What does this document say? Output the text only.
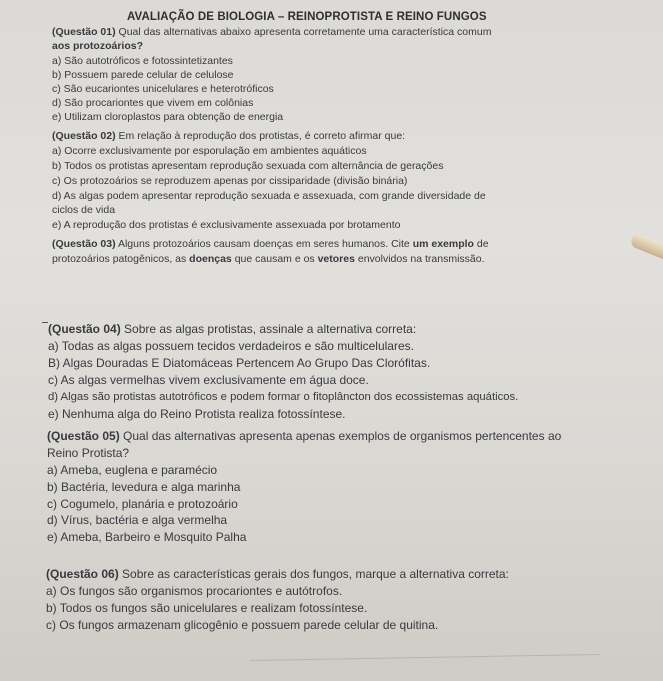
AVALIAÇÃO DE BIOLOGIA – REINOPROTISTA E REINO FUNGOS
(Questão 01) Qual das alternativas abaixo apresenta corretamente uma característica comum
aos protozoários?
a) São autotróficos e fotossintetizantes
b) Possuem parede celular de celulose
c) São eucariontes unicelulares e heterotróficos
d) São procariontes que vivem em colônias
e) Utilizam cloroplastos para obtenção de energia
(Questão 02) Em relação à reprodução dos protistas, é correto afirmar que:
a) Ocorre exclusivamente por esporulação em ambientes aquáticos
b) Todos os protistas apresentam reprodução sexuada com alternância de gerações
c) Os protozoários se reproduzem apenas por cissiparidade (divisão binária)
d) As algas podem apresentar reprodução sexuada e assexuada, com grande diversidade de
ciclos de vida
e) A reprodução dos protistas é exclusivamente assexuada por brotamento
(Questão 03) Alguns protozoários causam doenças em seres humanos. Cite um exemplo de
protozoários patogênicos, as doenças que causam e os vetores envolvidos na transmissão.
(Questão 04) Sobre as algas protistas, assinale a alternativa correta:
a) Todas as algas possuem tecidos verdadeiros e são multicelulares.
B) Algas Douradas E Diatomáceas Pertencem Ao Grupo Das Clorófitas.
c) As algas vermelhas vivem exclusivamente em água doce.
d) Algas são protistas autotróficos e podem formar o fitoplâncton dos ecossistemas aquáticos.
e) Nenhuma alga do Reino Protista realiza fotossíntese.
(Questão 05) Qual das alternativas apresenta apenas exemplos de organismos pertencentes ao
Reino Protista?
a) Ameba, euglena e paramécio
b) Bactéria, levedura e alga marinha
c) Cogumelo, planária e protozoário
d) Vírus, bactéria e alga vermelha
e) Ameba, Barbeiro e Mosquito Palha
(Questão 06) Sobre as características gerais dos fungos, marque a alternativa correta:
a) Os fungos são organismos procariontes e autótrofos.
b) Todos os fungos são unicelulares e realizam fotossíntese.
c) Os fungos armazenam glicogênio e possuem parede celular de quitina.
